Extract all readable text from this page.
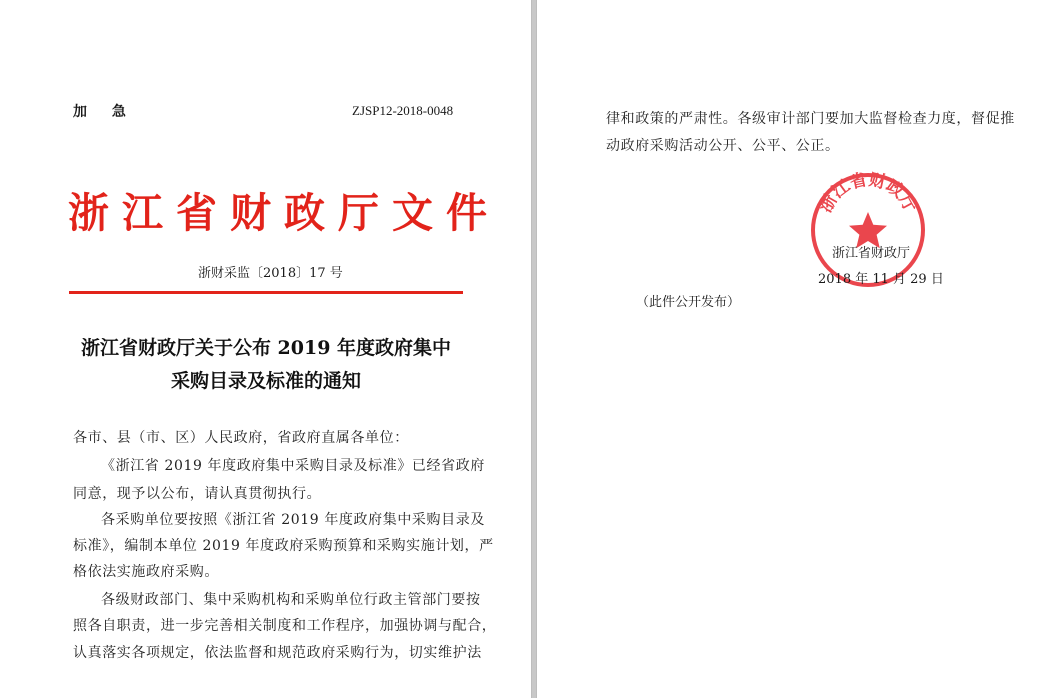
加 急	ZJSP12-2018-0048
浙江省财政厅文件
浙财采监〔2018〕17 号
浙江省财政厅关于公布 2019 年度政府集中
采购目录及标准的通知
各市、县（市、区）人民政府，省政府直属各单位：
《浙江省 2019 年度政府集中采购目录及标准》已经省政府
同意，现予以公布，请认真贯彻执行。
各采购单位要按照《浙江省 2019 年度政府集中采购目录及
标准》，编制本单位 2019 年度政府采购预算和采购实施计划，严
格依法实施政府采购。
各级财政部门、集中采购机构和采购单位行政主管部门要按
照各自职责，进一步完善相关制度和工作程序，加强协调与配合，
认真落实各项规定，依法监督和规范政府采购行为，切实维护法
律和政策的严肃性。各级审计部门要加大监督检查力度，督促推
动政府采购活动公开、公平、公正。
浙江省财政厅
浙江省财政厅
2018 年 11 月 29 日
（此件公开发布）
